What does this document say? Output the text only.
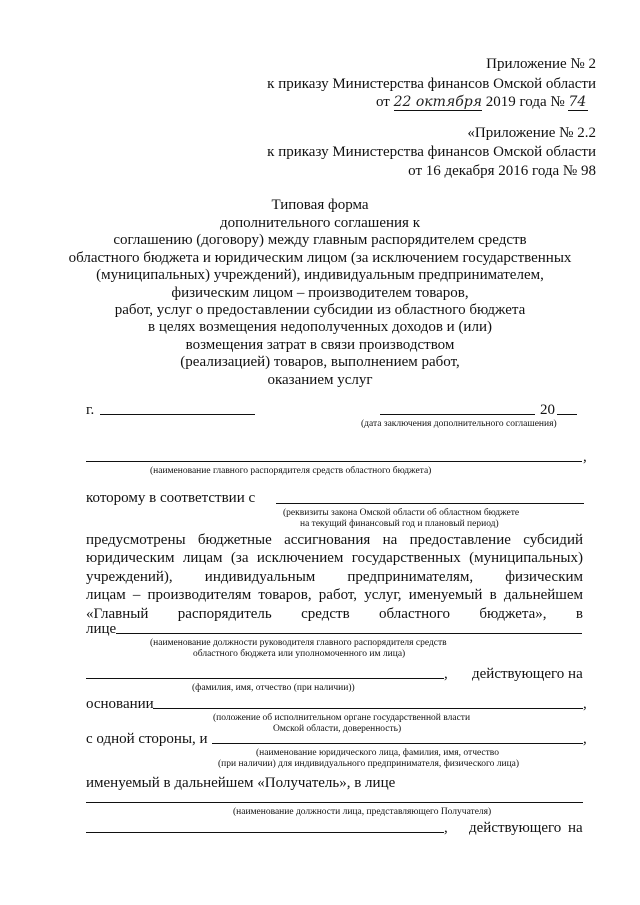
Приложение № 2
к приказу Министерства финансов Омской области
от 22 октября 2019 года № 74
«Приложение № 2.2
к приказу Министерства финансов Омской области
от 16 декабря 2016 года № 98
Типовая форма
дополнительного соглашения к
соглашению (договору) между главным распорядителем средств
областного бюджета и юридическим лицом (за исключением государственных
(муниципальных) учреждений), индивидуальным предпринимателем,
физическим лицом – производителем товаров,
работ, услуг о предоставлении субсидии из областного бюджета
в целях возмещения недополученных доходов и (или)
возмещения затрат в связи производством
(реализацией) товаров, выполнением работ,
оказанием услуг
г.	20
(дата заключения дополнительного соглашения)
,
(наименование главного распорядителя средств областного бюджета)
которому в соответствии с
(реквизиты закона Омской области об областном бюджете
на текущий финансовый год и плановый период)
предусмотрены бюджетные ассигнования на предоставление субсидий
юридическим лицам (за исключением государственных (муниципальных)
учреждений), индивидуальным предпринимателям, физическим
лицам – производителям товаров, работ, услуг, именуемый в дальнейшем
«Главный распорядитель средств областного бюджета», в
лице
(наименование должности руководителя главного распорядителя средств
областного бюджета или уполномоченного им лица)
, действующего на
(фамилия, имя, отчество (при наличии))
основании	,
(положение об исполнительном органе государственной власти
Омской области, доверенность)
с одной стороны, и	,
(наименование юридического лица, фамилия, имя, отчество
(при наличии) для индивидуального предпринимателя, физического лица)
именуемый в дальнейшем «Получатель», в лице
(наименование должности лица, представляющего Получателя)
, действующего на
